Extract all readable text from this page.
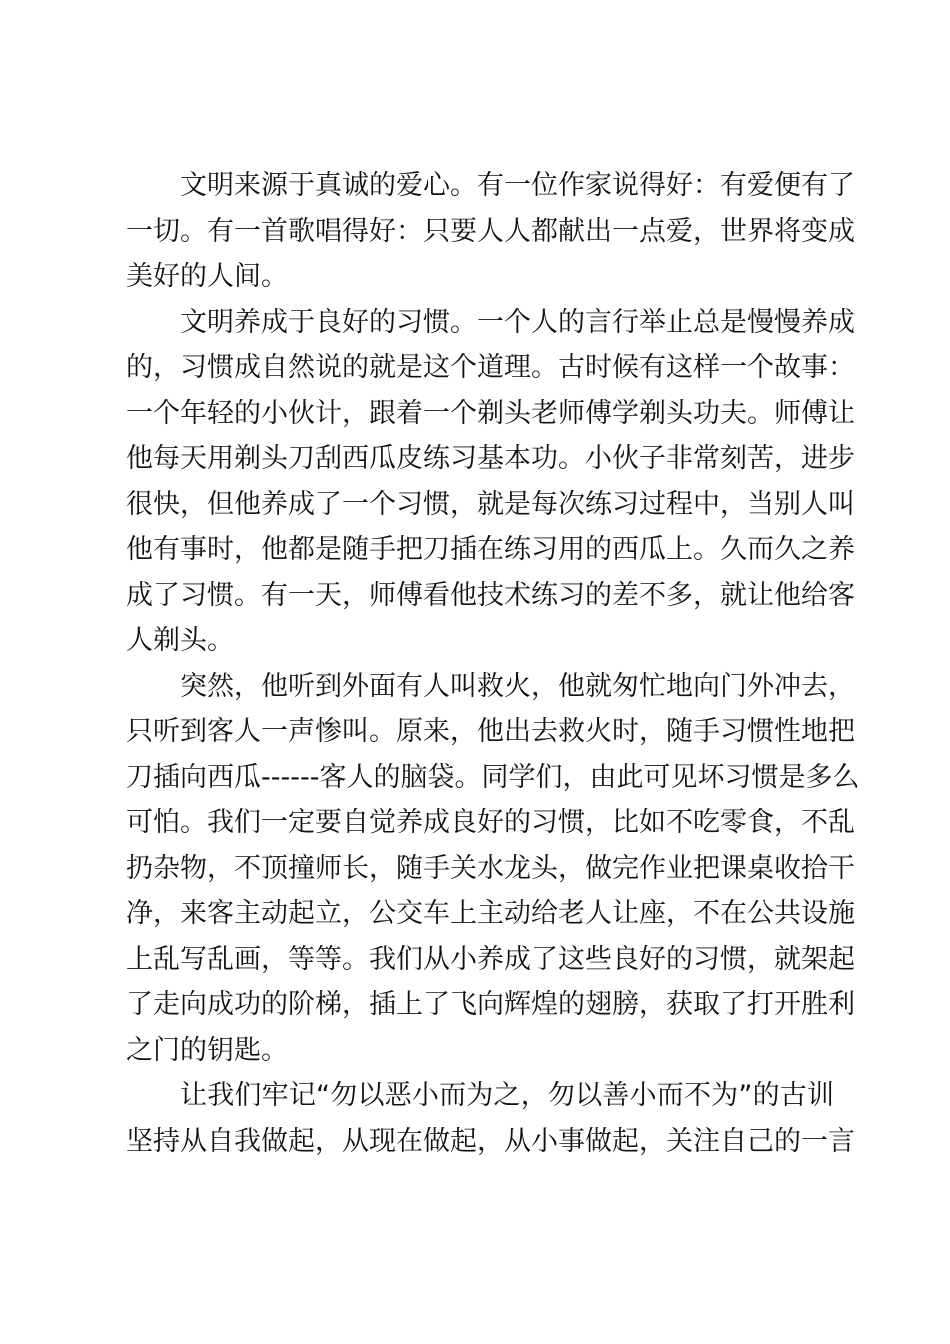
文明来源于真诚的爱心。有一位作家说得好：有爱便有了
一切。有一首歌唱得好：只要人人都献出一点爱，世界将变成
美好的人间。
文明养成于良好的习惯。一个人的言行举止总是慢慢养成
的，习惯成自然说的就是这个道理。古时候有这样一个故事：
一个年轻的小伙计，跟着一个剃头老师傅学剃头功夫。师傅让
他每天用剃头刀刮西瓜皮练习基本功。小伙子非常刻苦，进步
很快，但他养成了一个习惯，就是每次练习过程中，当别人叫
他有事时，他都是随手把刀插在练习用的西瓜上。久而久之养
成了习惯。有一天，师傅看他技术练习的差不多，就让他给客
人剃头。
突然，他听到外面有人叫救火，他就匆忙地向门外冲去，
只听到客人一声惨叫。原来，他出去救火时，随手习惯性地把
刀插向西瓜------客人的脑袋。同学们，由此可见坏习惯是多么
可怕。我们一定要自觉养成良好的习惯，比如不吃零食，不乱
扔杂物，不顶撞师长，随手关水龙头，做完作业把课桌收拾干
净，来客主动起立，公交车上主动给老人让座，不在公共设施
上乱写乱画，等等。我们从小养成了这些良好的习惯，就架起
了走向成功的阶梯，插上了飞向辉煌的翅膀，获取了打开胜利
之门的钥匙。
让我们牢记“勿以恶小而为之，勿以善小而不为”的古训
坚持从自我做起，从现在做起，从小事做起，关注自己的一言
